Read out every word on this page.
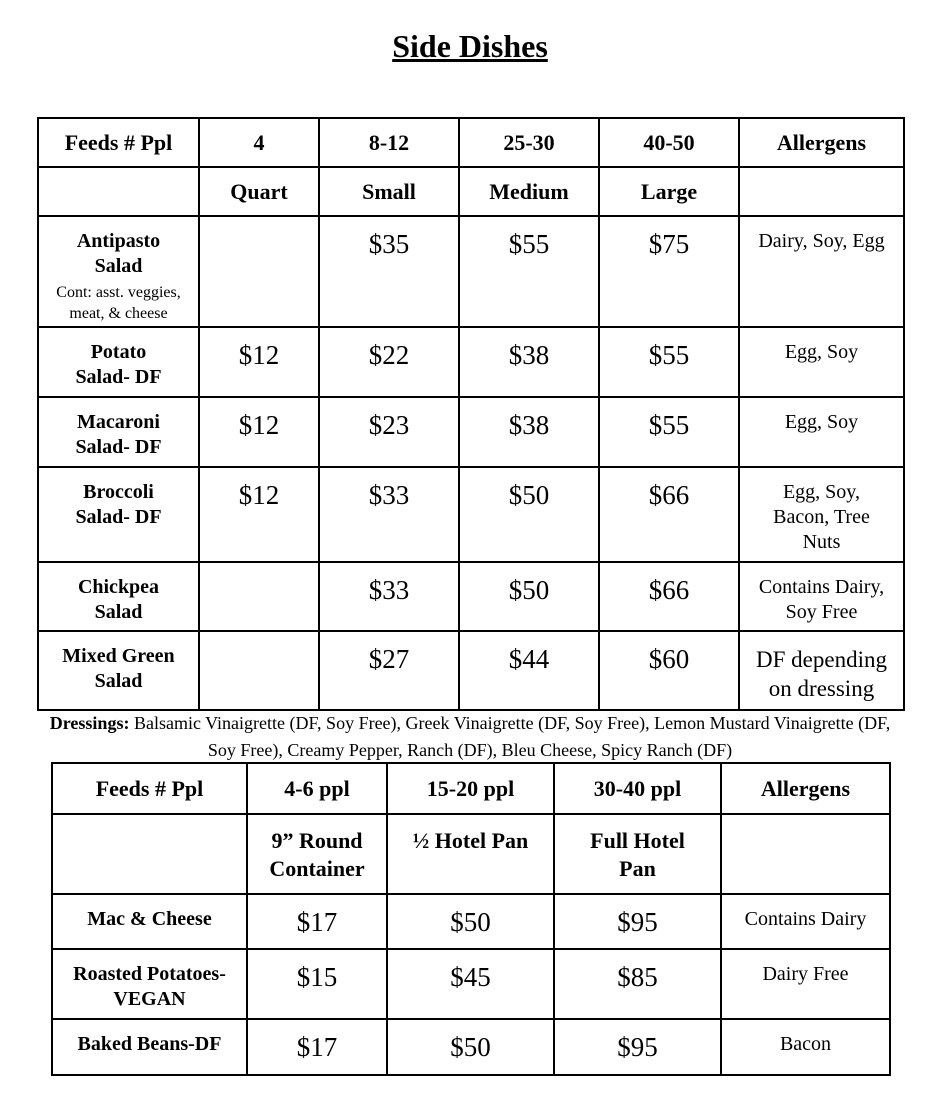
Side Dishes
Feeds # Ppl	4	8-12	25-30	40-50	Allergens
	Quart	Small	Medium	Large	

Antipasto Salad
Cont: asst. veggies, meat, & cheese		$35	$55	$75	Dairy, Soy, Egg
Potato Salad- DF	$12	$22	$38	$55	Egg, Soy
Macaroni Salad- DF	$12	$23	$38	$55	Egg, Soy
Broccoli Salad- DF	$12	$33	$50	$66	Egg, Soy, Bacon, Tree Nuts
Chickpea Salad		$33	$50	$66	Contains Dairy, Soy Free
Mixed Green Salad		$27	$44	$60	DF depending on dressing

Dressings: Balsamic Vinaigrette (DF, Soy Free), Greek Vinaigrette (DF, Soy Free), Lemon Mustard Vinaigrette (DF, Soy Free), Creamy Pepper, Ranch (DF), Bleu Cheese, Spicy Ranch (DF)

Feeds # Ppl	4-6 ppl	15-20 ppl	30-40 ppl	Allergens
	9” Round Container	½ Hotel Pan	Full Hotel Pan	
Mac & Cheese	$17	$50	$95	Contains Dairy
Roasted Potatoes- VEGAN	$15	$45	$85	Dairy Free
Baked Beans-DF	$17	$50	$95	Bacon
